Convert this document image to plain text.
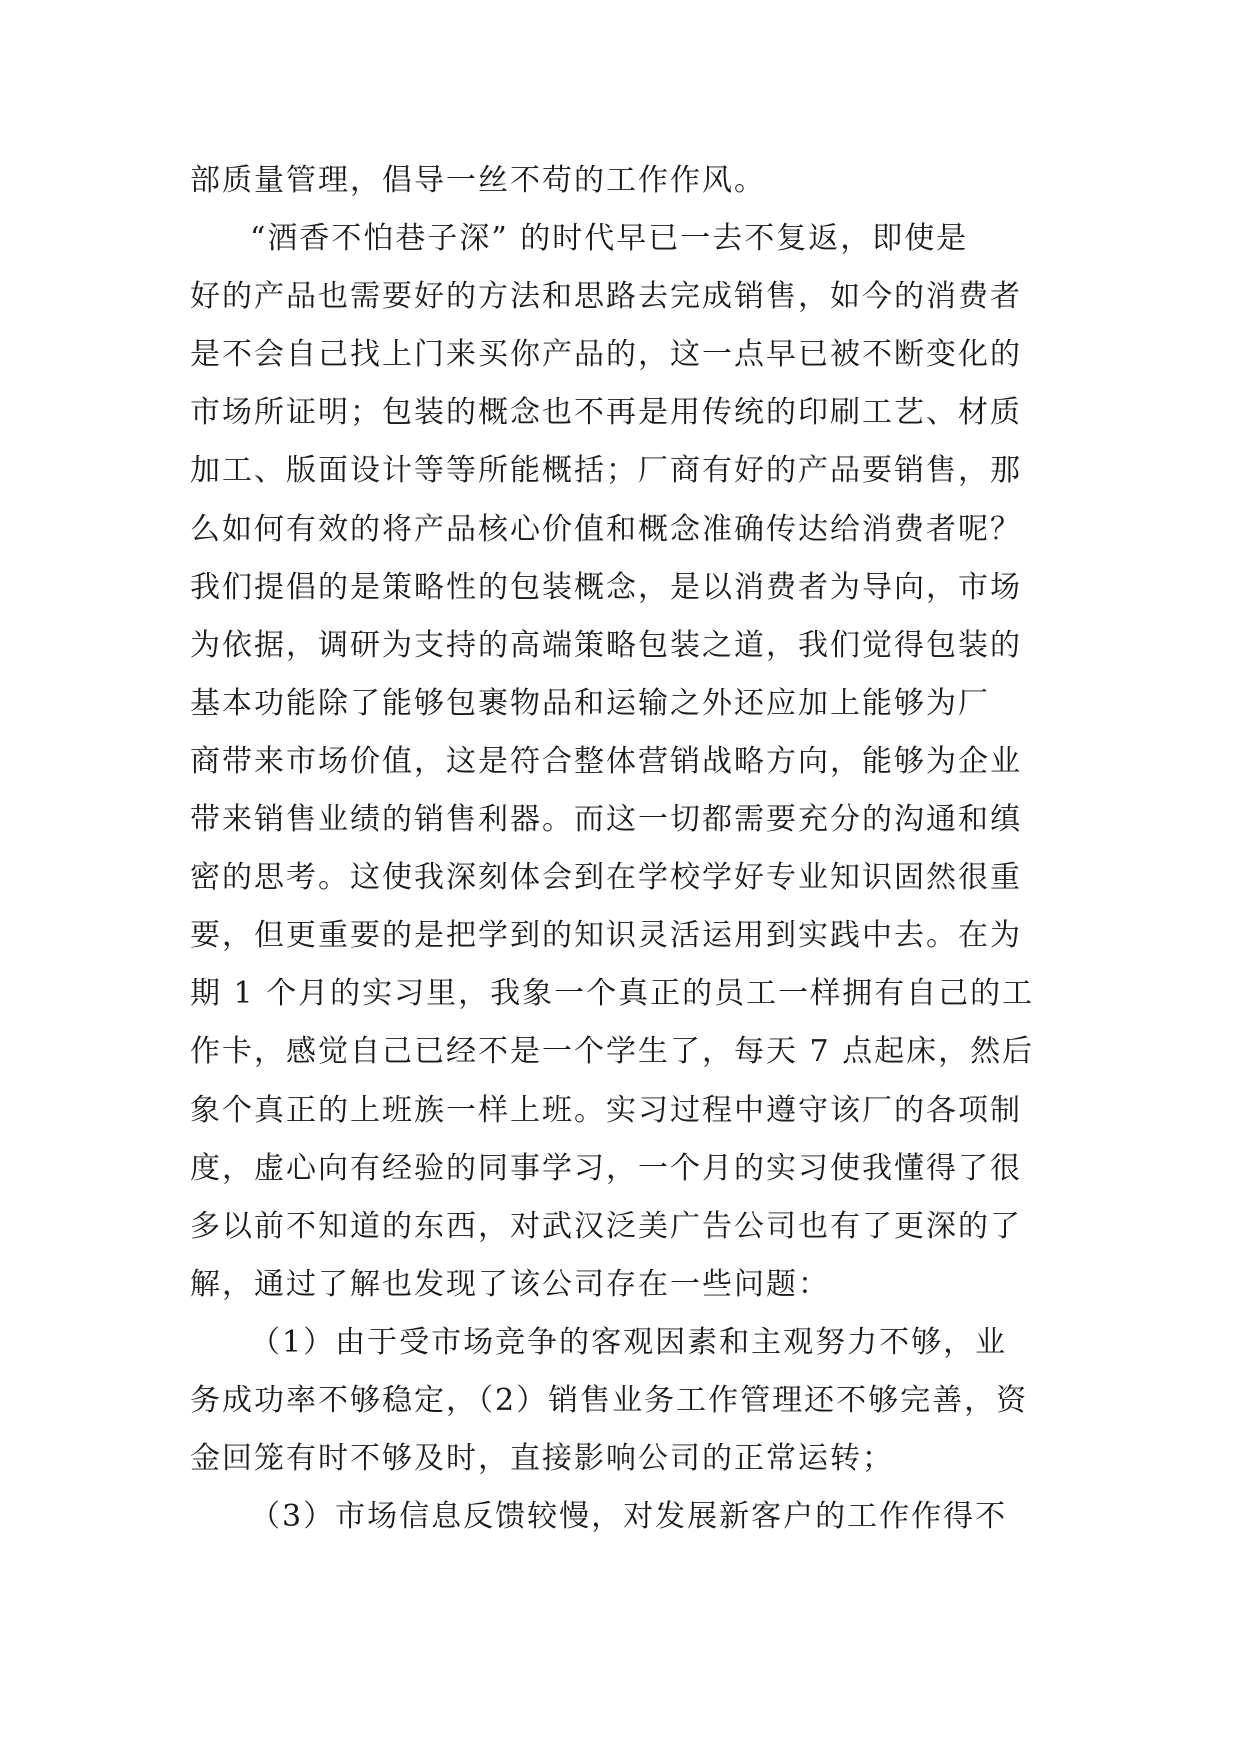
部质量管理，倡导一丝不苟的工作作风。
“酒香不怕巷子深” 的时代早已一去不复返，即使是
好的产品也需要好的方法和思路去完成销售，如今的消费者
是不会自己找上门来买你产品的，这一点早已被不断变化的
市场所证明；包装的概念也不再是用传统的印刷工艺、材质
加工、版面设计等等所能概括；厂商有好的产品要销售，那
么如何有效的将产品核心价值和概念准确传达给消费者呢？
我们提倡的是策略性的包装概念，是以消费者为导向，市场
为依据，调研为支持的高端策略包装之道，我们觉得包装的
基本功能除了能够包裹物品和运输之外还应加上能够为厂
商带来市场价值，这是符合整体营销战略方向，能够为企业
带来销售业绩的销售利器。而这一切都需要充分的沟通和缜
密的思考。这使我深刻体会到在学校学好专业知识固然很重
要，但更重要的是把学到的知识灵活运用到实践中去。在为
期 1 个月的实习里，我象一个真正的员工一样拥有自己的工
作卡，感觉自己已经不是一个学生了，每天 7 点起床，然后
象个真正的上班族一样上班。实习过程中遵守该厂的各项制
度，虚心向有经验的同事学习，一个月的实习使我懂得了很
多以前不知道的东西，对武汉泛美广告公司也有了更深的了
解，通过了解也发现了该公司存在一些问题：
（1）由于受市场竞争的客观因素和主观努力不够，业
务成功率不够稳定，（2）销售业务工作管理还不够完善，资
金回笼有时不够及时，直接影响公司的正常运转；
（3）市场信息反馈较慢，对发展新客户的工作作得不
